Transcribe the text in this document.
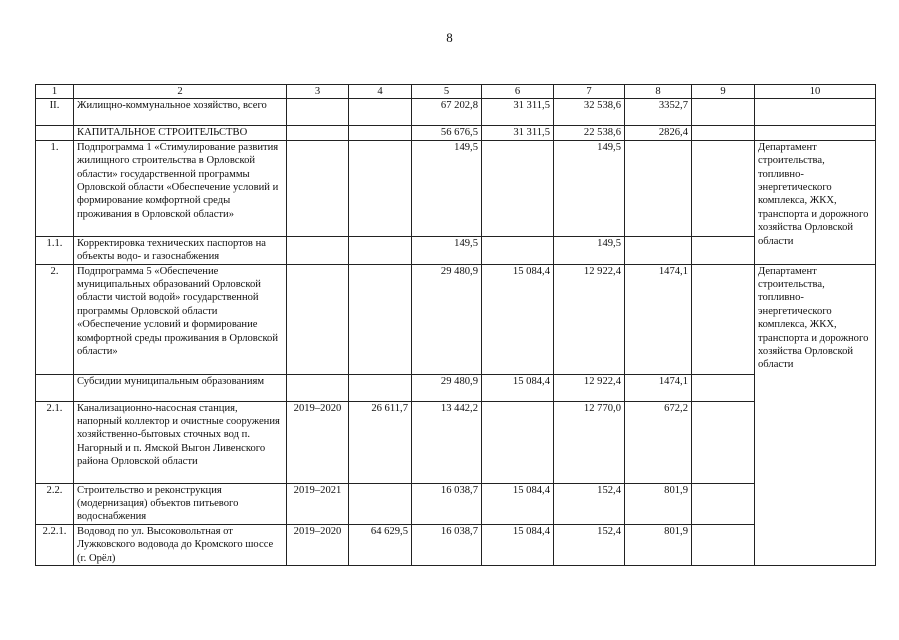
8
1	2	3	4	5	6	7	8	9	10
II.	Жилищно-коммунальное хозяйство, всего			67 202,8	31 311,5	32 538,6	3352,7		
	КАПИТАЛЬНОЕ СТРОИТЕЛЬСТВО			56 676,5	31 311,5	22 538,6	2826,4		
1.	Подпрограмма 1 «Стимулирование развития жилищного строительства в Орловской области» государственной программы Орловской области «Обеспечение условий и формирование комфортной среды проживания в Орловской области»			149,5		149,5			Департамент строительства, топливно-энергетического комплекса, ЖКХ, транспорта и дорожного хозяйства Орловской области
1.1.	Корректировка технических паспортов на объекты водо- и газоснабжения			149,5		149,5			
2.	Подпрограмма 5 «Обеспечение муниципальных образований Орловской области чистой водой» государственной программы Орловской области «Обеспечение условий и формирование комфортной среды проживания в Орловской области»			29 480,9	15 084,4	12 922,4	1474,1		Департамент строительства, топливно-энергетического комплекса, ЖКХ, транспорта и дорожного хозяйства Орловской области
	Субсидии муниципальным образованиям			29 480,9	15 084,4	12 922,4	1474,1		
2.1.	Канализационно-насосная станция, напорный коллектор и очистные сооружения хозяйственно-бытовых сточных вод п. Нагорный и п. Ямской Выгон Ливенского района Орловской области	2019–2020	26 611,7	13 442,2		12 770,0	672,2		
2.2.	Строительство и реконструкция (модернизация) объектов питьевого водоснабжения	2019–2021		16 038,7	15 084,4	152,4	801,9		
2.2.1.	Водовод по ул. Высоковольтная от Лужковского водовода до Кромского шоссе (г. Орёл)	2019–2020	64 629,5	16 038,7	15 084,4	152,4	801,9		
